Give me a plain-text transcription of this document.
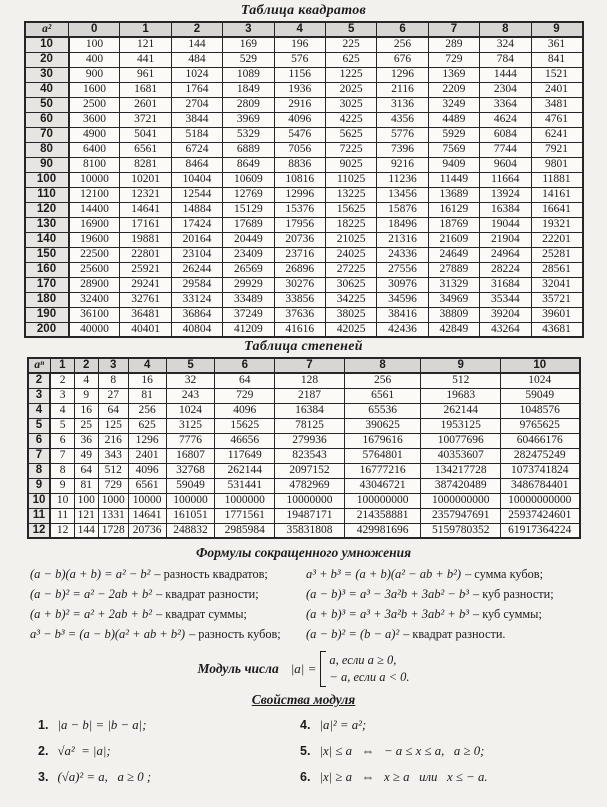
Таблица квадратов
a²	0	1	2	3	4	5	6	7	8	9
10	100	121	144	169	196	225	256	289	324	361
20	400	441	484	529	576	625	676	729	784	841
30	900	961	1024	1089	1156	1225	1296	1369	1444	1521
40	1600	1681	1764	1849	1936	2025	2116	2209	2304	2401
50	2500	2601	2704	2809	2916	3025	3136	3249	3364	3481
60	3600	3721	3844	3969	4096	4225	4356	4489	4624	4761
70	4900	5041	5184	5329	5476	5625	5776	5929	6084	6241
80	6400	6561	6724	6889	7056	7225	7396	7569	7744	7921
90	8100	8281	8464	8649	8836	9025	9216	9409	9604	9801
100	10000	10201	10404	10609	10816	11025	11236	11449	11664	11881
110	12100	12321	12544	12769	12996	13225	13456	13689	13924	14161
120	14400	14641	14884	15129	15376	15625	15876	16129	16384	16641
130	16900	17161	17424	17689	17956	18225	18496	18769	19044	19321
140	19600	19881	20164	20449	20736	21025	21316	21609	21904	22201
150	22500	22801	23104	23409	23716	24025	24336	24649	24964	25281
160	25600	25921	26244	26569	26896	27225	27556	27889	28224	28561
170	28900	29241	29584	29929	30276	30625	30976	31329	31684	32041
180	32400	32761	33124	33489	33856	34225	34596	34969	35344	35721
190	36100	36481	36864	37249	37636	38025	38416	38809	39204	39601
200	40000	40401	40804	41209	41616	42025	42436	42849	43264	43681
Таблица степеней
aⁿ	1	2	3	4	5	6	7	8	9	10
2	2	4	8	16	32	64	128	256	512	1024
3	3	9	27	81	243	729	2187	6561	19683	59049
4	4	16	64	256	1024	4096	16384	65536	262144	1048576
5	5	25	125	625	3125	15625	78125	390625	1953125	9765625
6	6	36	216	1296	7776	46656	279936	1679616	10077696	60466176
7	7	49	343	2401	16807	117649	823543	5764801	40353607	282475249
8	8	64	512	4096	32768	262144	2097152	16777216	134217728	1073741824
9	9	81	729	6561	59049	531441	4782969	43046721	387420489	3486784401
10	10	100	1000	10000	100000	1000000	10000000	100000000	1000000000	10000000000
11	11	121	1331	14641	161051	1771561	19487171	214358881	2357947691	25937424601
12	12	144	1728	20736	248832	2985984	35831808	429981696	5159780352	61917364224
Формулы сокращенного умножения
(a − b)(a + b) = a² − b² – разность квадратов;
(a − b)² = a² − 2ab + b² – квадрат разности;
(a + b)² = a² + 2ab + b² – квадрат суммы;
a³ − b³ = (a − b)(a² + ab + b²) – разность кубов;
a³ + b³ = (a + b)(a² − ab + b²) – сумма кубов;
(a − b)³ = a³ − 3a²b + 3ab² − b³ – куб разности;
(a + b)³ = a³ + 3a²b + 3ab² + b³ – куб суммы;
(a − b)² = (b − a)² – квадрат разности.
Модуль числа |a| =
a, если a ≥ 0,
− a, если a < 0.
Свойства модуля
1. |a − b| = |b − a|;
2. √a²  = |a|;
3. (√a)² = a,   a ≥ 0 ;
4. |a|² = a²;
5. |x| ≤ a   ⇔   − a ≤ x ≤ a,   a ≥ 0;
6. |x| ≥ a   ⇔   x ≥ a   или   x ≤ − a.
